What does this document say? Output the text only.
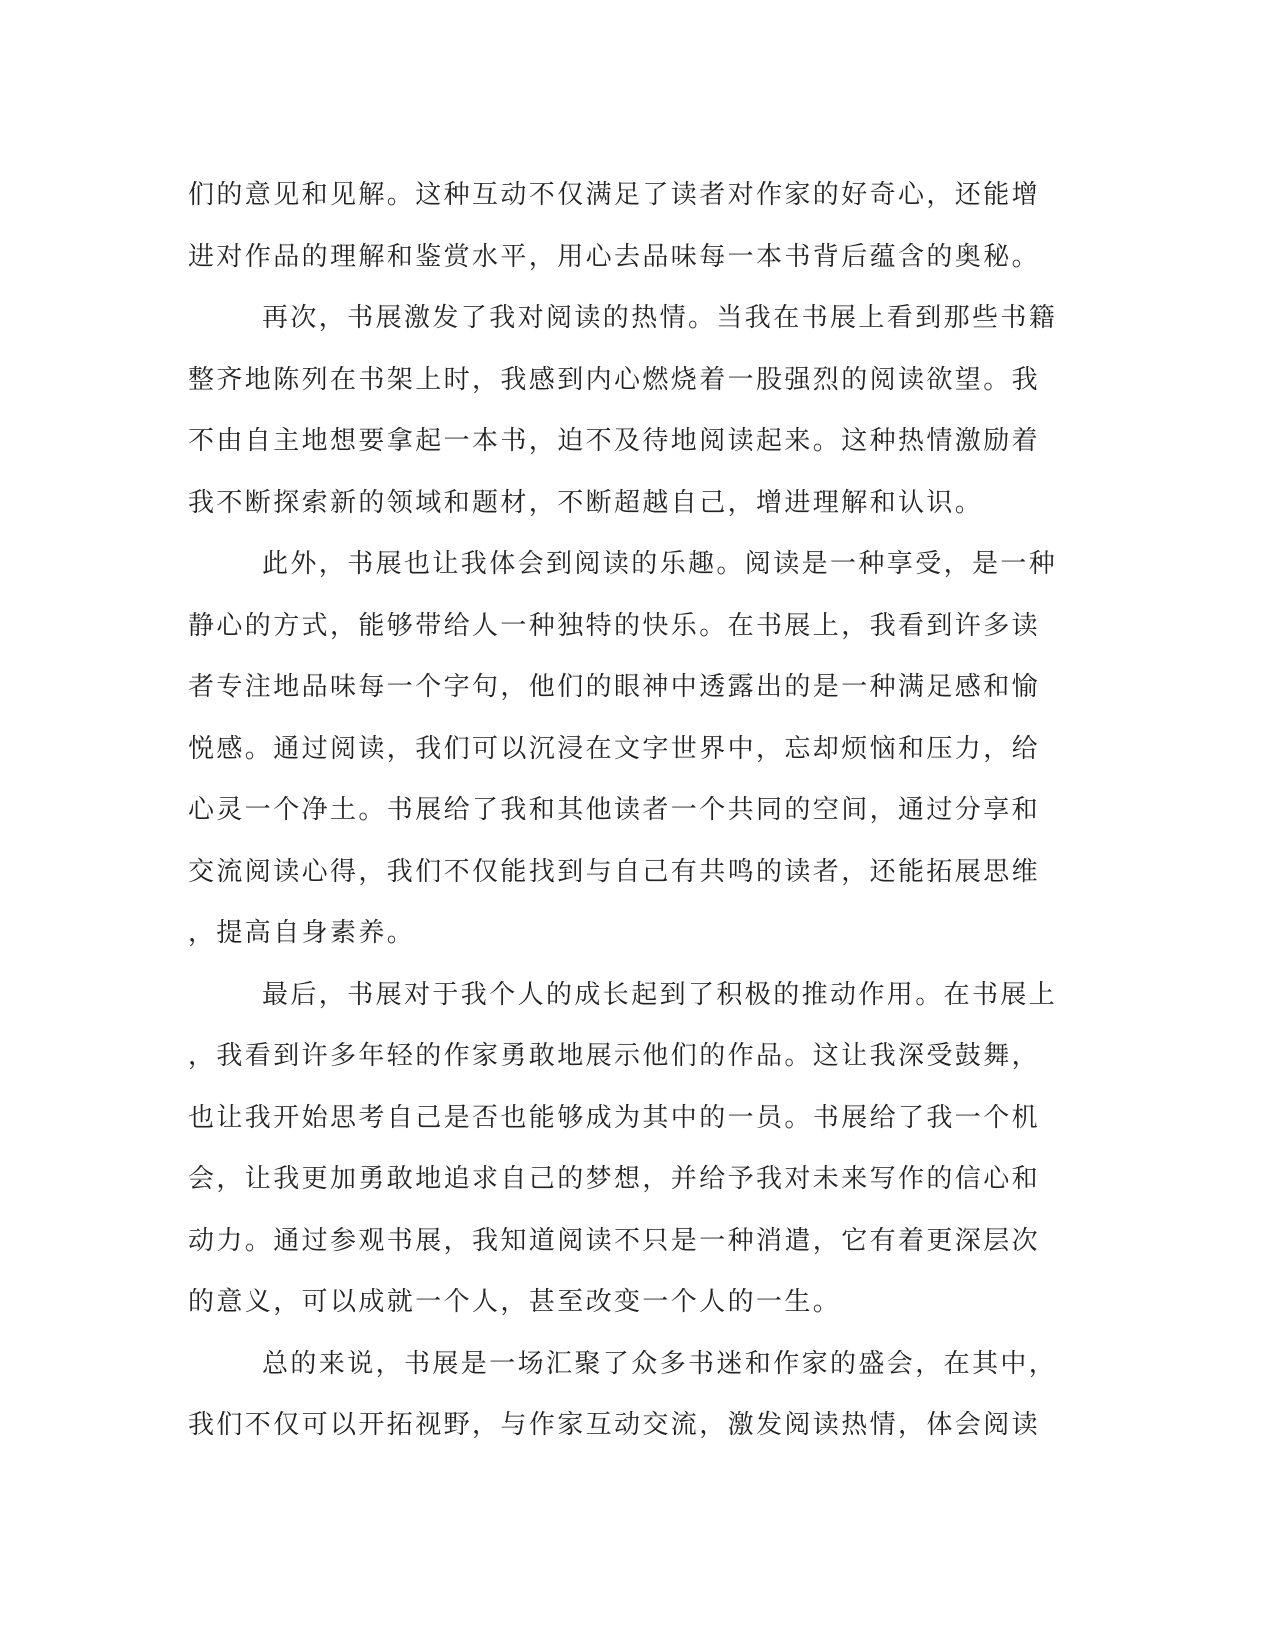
们的意见和见解。这种互动不仅满足了读者对作家的好奇心，还能增
进对作品的理解和鉴赏水平，用心去品味每一本书背后蕴含的奥秘。
再次，书展激发了我对阅读的热情。当我在书展上看到那些书籍
整齐地陈列在书架上时，我感到内心燃烧着一股强烈的阅读欲望。我
不由自主地想要拿起一本书，迫不及待地阅读起来。这种热情激励着
我不断探索新的领域和题材，不断超越自己，增进理解和认识。
此外，书展也让我体会到阅读的乐趣。阅读是一种享受，是一种
静心的方式，能够带给人一种独特的快乐。在书展上，我看到许多读
者专注地品味每一个字句，他们的眼神中透露出的是一种满足感和愉
悦感。通过阅读，我们可以沉浸在文字世界中，忘却烦恼和压力，给
心灵一个净土。书展给了我和其他读者一个共同的空间，通过分享和
交流阅读心得，我们不仅能找到与自己有共鸣的读者，还能拓展思维
，提高自身素养。
最后，书展对于我个人的成长起到了积极的推动作用。在书展上
，我看到许多年轻的作家勇敢地展示他们的作品。这让我深受鼓舞，
也让我开始思考自己是否也能够成为其中的一员。书展给了我一个机
会，让我更加勇敢地追求自己的梦想，并给予我对未来写作的信心和
动力。通过参观书展，我知道阅读不只是一种消遣，它有着更深层次
的意义，可以成就一个人，甚至改变一个人的一生。
总的来说，书展是一场汇聚了众多书迷和作家的盛会，在其中，
我们不仅可以开拓视野，与作家互动交流，激发阅读热情，体会阅读
